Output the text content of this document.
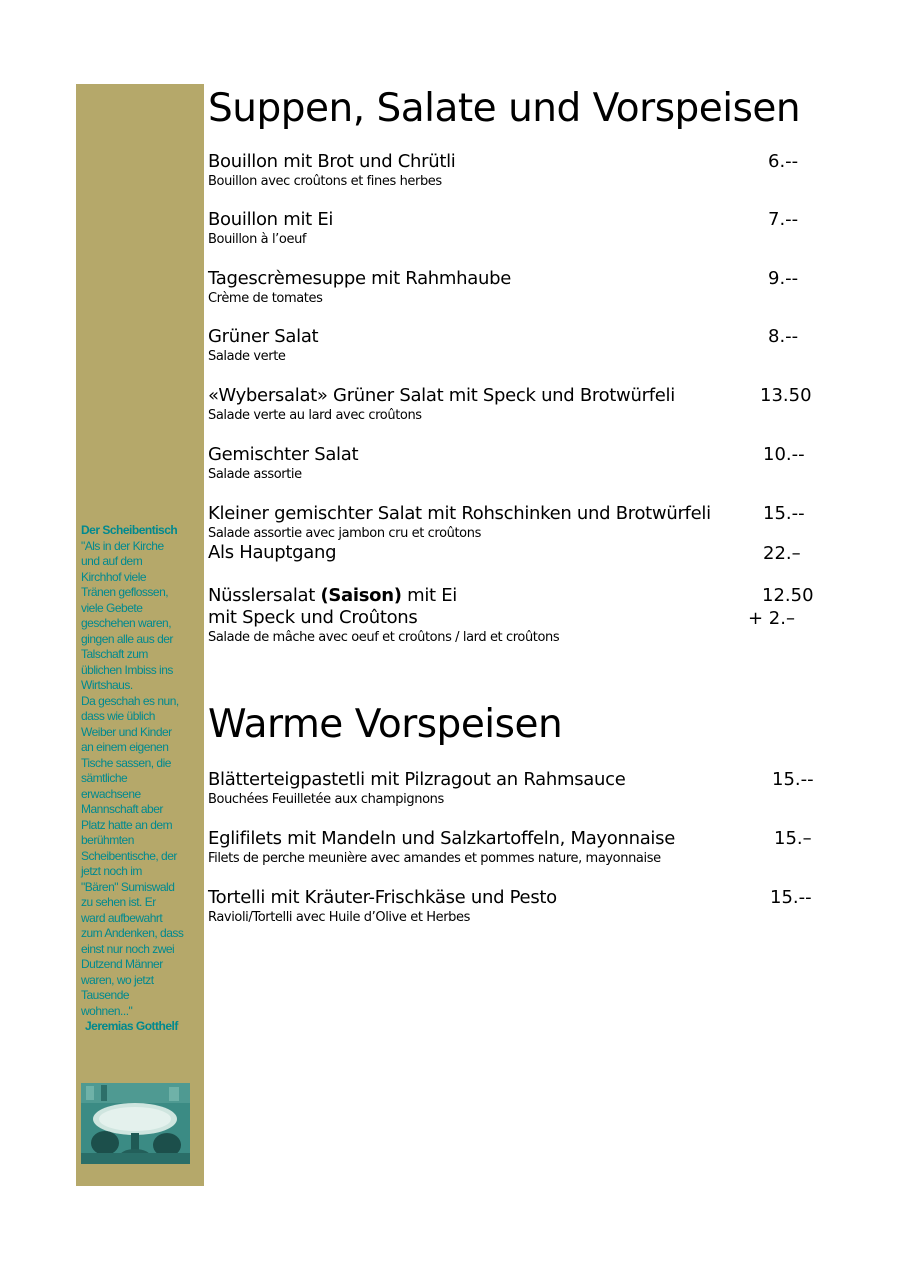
Der Scheibentisch
"Als in der Kirche
und auf dem
Kirchhof viele
Tränen geflossen,
viele Gebete
geschehen waren,
gingen alle aus der
Talschaft zum
üblichen Imbiss ins
Wirtshaus.
Da geschah es nun,
dass wie üblich
Weiber und Kinder
an einem eigenen
Tische sassen, die
sämtliche
erwachsene
Mannschaft aber
Platz hatte an dem
berühmten
Scheibentische, der
jetzt noch im
"Bären" Sumiswald
zu sehen ist. Er
ward aufbewahrt
zum Andenken, dass
einst nur noch zwei
Dutzend Männer
waren, wo jetzt
Tausende
wohnen..."
Jeremias Gotthelf
Suppen, Salate und Vorspeisen
Bouillon mit Brot und Chrütli
Bouillon avec croûtons et fines herbes
6.--
Bouillon mit Ei
Bouillon à l’oeuf
7.--
Tagescrèmesuppe mit Rahmhaube
Crème de tomates
9.--
Grüner Salat
Salade verte
8.--
«Wybersalat» Grüner Salat mit Speck und Brotwürfeli
Salade verte au lard avec croûtons
13.50
Gemischter Salat
Salade assortie
10.--
Kleiner gemischter Salat mit Rohschinken und Brotwürfeli
Salade assortie avec jambon cru et croûtons
Als Hauptgang
15.--
22.–
Nüsslersalat (Saison) mit Ei
mit Speck und Croûtons
Salade de mâche avec oeuf et croûtons / lard et croûtons
12.50
+ 2.–
Warme Vorspeisen
Blätterteigpastetli mit Pilzragout an Rahmsauce
Bouchées Feuilletée aux champignons
15.--
Eglifilets mit Mandeln und Salzkartoffeln, Mayonnaise
Filets de perche meunière avec amandes et pommes nature, mayonnaise
15.–
Tortelli mit Kräuter-Frischkäse und Pesto
Ravioli/Tortelli avec Huile d’Olive et Herbes
15.--
